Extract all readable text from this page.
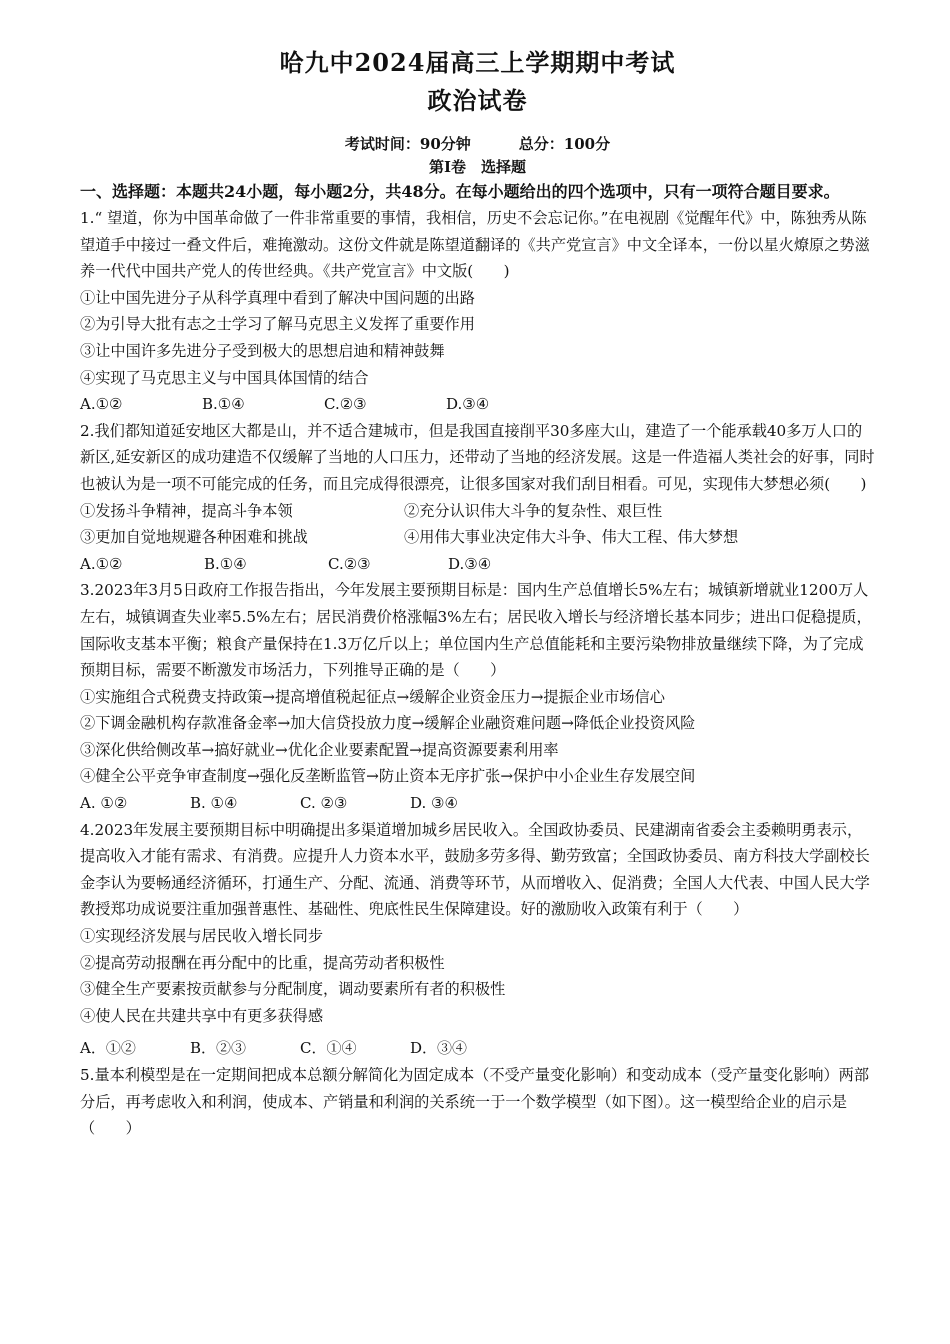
哈九中2024届高三上学期期中考试
政治试卷
考试时间：90分钟	总分：100分
第Ⅰ卷　选择题
一、选择题：本题共24小题，每小题2分，共48分。在每小题给出的四个选项中，只有一项符合题目要求。
1.“ 望道，你为中国革命做了一件非常重要的事情，我相信，历史不会忘记你。”在电视剧《觉醒年代》中，陈独秀从陈望道手中接过一叠文件后，难掩激动。这份文件就是陈望道翻译的《共产党宣言》中文全译本，一份以星火燎原之势滋养一代代中国共产党人的传世经典。《共产党宣言》中文版(　　)
①让中国先进分子从科学真理中看到了解决中国问题的出路
②为引导大批有志之士学习了解马克思主义发挥了重要作用
③让中国许多先进分子受到极大的思想启迪和精神鼓舞
④实现了马克思主义与中国具体国情的结合
A.①②	B.①④	C.②③	D.③④
2.我们都知道延安地区大都是山，并不适合建城市，但是我国直接削平30多座大山，建造了一个能承载40多万人口的新区,延安新区的成功建造不仅缓解了当地的人口压力，还带动了当地的经济发展。这是一件造福人类社会的好事，同时也被认为是一项不可能完成的任务，而且完成得很漂亮，让很多国家对我们刮目相看。可见，实现伟大梦想必须(　　)
①发扬斗争精神，提高斗争本领	②充分认识伟大斗争的复杂性、艰巨性
③更加自觉地规避各种困难和挑战	④用伟大事业决定伟大斗争、伟大工程、伟大梦想
A.①②	B.①④	C.②③	D.③④
3.2023年3月5日政府工作报告指出，今年发展主要预期目标是：国内生产总值增长5%左右；城镇新增就业1200万人左右，城镇调查失业率5.5%左右；居民消费价格涨幅3%左右；居民收入增长与经济增长基本同步；进出口促稳提质，国际收支基本平衡；粮食产量保持在1.3万亿斤以上；单位国内生产总值能耗和主要污染物排放量继续下降，为了完成预期目标，需要不断激发市场活力，下列推导正确的是（　　）
①实施组合式税费支持政策→提高增值税起征点→缓解企业资金压力→提振企业市场信心
②下调金融机构存款准备金率→加大信贷投放力度→缓解企业融资难问题→降低企业投资风险
③深化供给侧改革→搞好就业→优化企业要素配置→提高资源要素利用率
④健全公平竞争审查制度→强化反垄断监管→防止资本无序扩张→保护中小企业生存发展空间
A. ①②	B. ①④	C. ②③	D. ③④
4.2023年发展主要预期目标中明确提出多渠道增加城乡居民收入。全国政协委员、民建湖南省委会主委赖明勇表示，提高收入才能有需求、有消费。应提升人力资本水平，鼓励多劳多得、勤劳致富；全国政协委员、南方科技大学副校长金李认为要畅通经济循环，打通生产、分配、流通、消费等环节，从而增收入、促消费；全国人大代表、中国人民大学教授郑功成说要注重加强普惠性、基础性、兜底性民生保障建设。好的激励收入政策有利于（　　）
①实现经济发展与居民收入增长同步
②提高劳动报酬在再分配中的比重，提高劳动者积极性
③健全生产要素按贡献参与分配制度，调动要素所有者的积极性
④使人民在共建共享中有更多获得感
A．①②	B．②③	C．①④	D．③④
5.量本利模型是在一定期间把成本总额分解简化为固定成本（不受产量变化影响）和变动成本（受产量变化影响）两部分后，再考虑收入和利润，使成本、产销量和利润的关系统一于一个数学模型（如下图）。这一模型给企业的启示是（　　）
